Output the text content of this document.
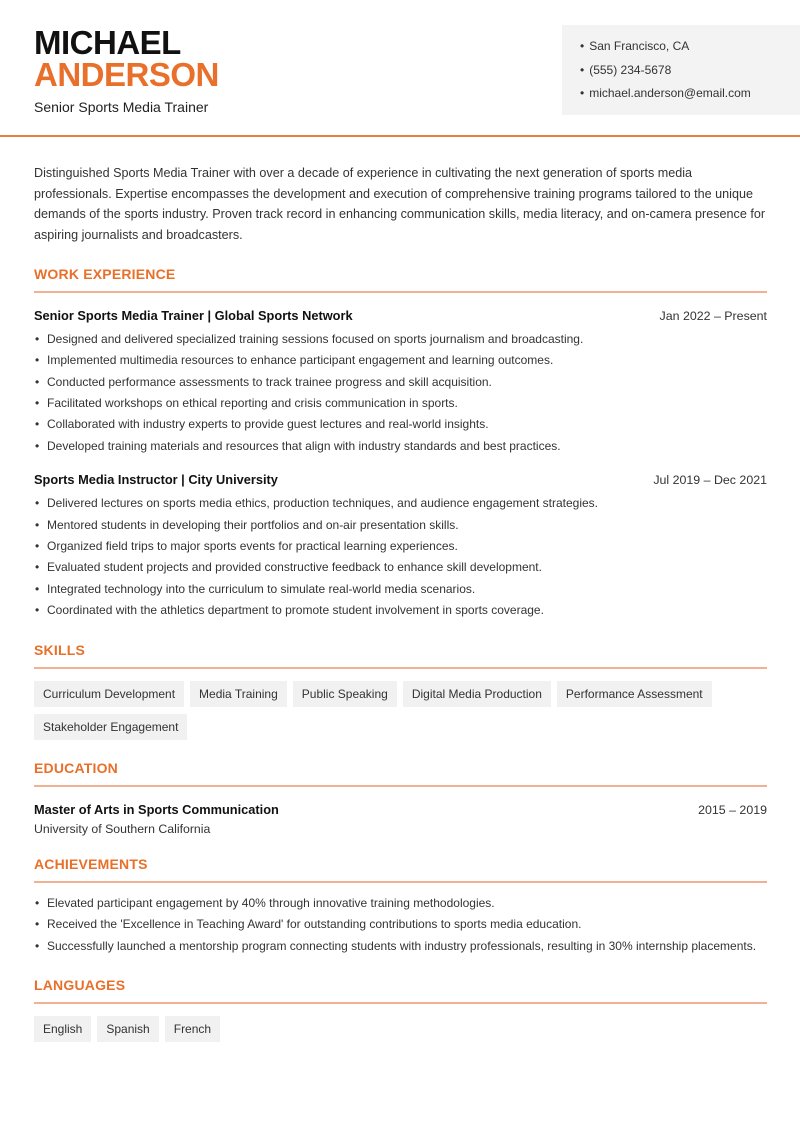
MICHAEL
ANDERSON
Senior Sports Media Trainer
• San Francisco, CA
• (555) 234-5678
• michael.anderson@email.com

Distinguished Sports Media Trainer with over a decade of experience in cultivating the next generation of sports media professionals. Expertise encompasses the development and execution of comprehensive training programs tailored to the unique demands of the sports industry. Proven track record in enhancing communication skills, media literacy, and on-camera presence for aspiring journalists and broadcasters.

WORK EXPERIENCE
Senior Sports Media Trainer | Global Sports Network	Jan 2022 – Present
• Designed and delivered specialized training sessions focused on sports journalism and broadcasting.
• Implemented multimedia resources to enhance participant engagement and learning outcomes.
• Conducted performance assessments to track trainee progress and skill acquisition.
• Facilitated workshops on ethical reporting and crisis communication in sports.
• Collaborated with industry experts to provide guest lectures and real-world insights.
• Developed training materials and resources that align with industry standards and best practices.
Sports Media Instructor | City University	Jul 2019 – Dec 2021
• Delivered lectures on sports media ethics, production techniques, and audience engagement strategies.
• Mentored students in developing their portfolios and on-air presentation skills.
• Organized field trips to major sports events for practical learning experiences.
• Evaluated student projects and provided constructive feedback to enhance skill development.
• Integrated technology into the curriculum to simulate real-world media scenarios.
• Coordinated with the athletics department to promote student involvement in sports coverage.
SKILLS
Curriculum Development	Media Training	Public Speaking	Digital Media Production	Performance Assessment
Stakeholder Engagement
EDUCATION
Master of Arts in Sports Communication	2015 – 2019
University of Southern California
ACHIEVEMENTS
• Elevated participant engagement by 40% through innovative training methodologies.
• Received the 'Excellence in Teaching Award' for outstanding contributions to sports media education.
• Successfully launched a mentorship program connecting students with industry professionals, resulting in 30% internship placements.
LANGUAGES
English	Spanish	French
